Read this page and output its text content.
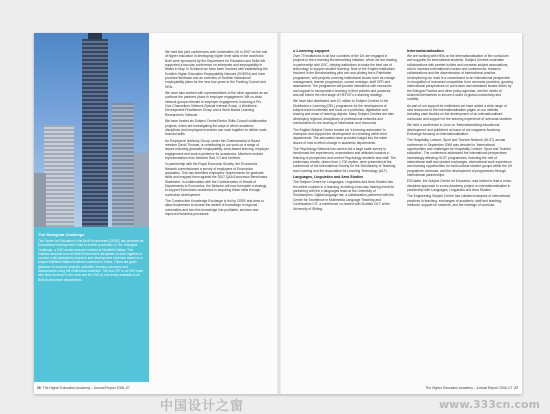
The Shanghai Challenge

The Centre for Education in the Built Environment (CEBE) has provided an Educational Development Grant to enable production of The Shanghai Challenge, a DVD media resource created at Sheffield Hallam. This enables students from all Built Environment disciplines to work together to conduct multi-disciplinary research and development schemes based on a project Sheffield Hallam students undertook in China. Tutors are given guidance to structure projects, activities, learning outcomes and assessments using the multimedia materials. The two CETLs at SHU have also been involved in the work and the DVD is now freely available to all Built Environment departments.

We held two joint conferences with Universities UK in 2007 on the role of higher education in developing higher level skills in the workforce. Both were sponsored by the Department for Education and Skills.We supported a two-day conference on enterprise and employability in Wales in May. In Scotland we have been involved with establishing the Scottish Higher Education Employability Network (SHEEN) and have provided feedback and an overview of Scottish institutional employability plans for the new four years to the Funding Council and HEIs.

We have also worked with representatives of the other agencies as we continue the partners' place in employer engagement. We co-chair network groups relevant to employer engagement, including a Pro Vice-Chancellors' Network Special Interest Group, a Workforce Development Practitioner Group and a Work-Based Learning Researchers' Network.

We have funded six Subject Centre/Sector Skills Council collaborative projects, which are investigating the ways in which academic disciplines and employment sectors can work together to deliver work-focused skills.

An Employers' Advisory Group, under the Chairmanship of Board member David Thomas, is contributing to our work on a range of issues including graduate employability, work-based learning, employer engagement and work experience for academics. Members include representatives from Network Rail, ICI and Unilever.

In partnership with the Royal Economic Society, the Economics Network commissioned a survey of employers of Economics graduates. This has identified employers' requirements for graduate skills and mapped them against the 2007 QAA Economics Benchmark Statement. In collaboration with the Confederation of Heads of Departments in Economics, the Network will now formulate a strategy to support Economics academics in acquiring these skills through curriculum development.

The Construction Knowledge Exchange is led by CEBE and aims to allow businesses to access the wealth of knowledge in regional universities and turn this knowledge into profitable, services and improved business processes.

26 The Higher Education Academy – Annual Report 2006–07
e-Learning support

Over 70 institutions in all four countries of the UK are engaged in projects in the e-learning Benchmarking Initiative, which we are leading in partnership with JISC, helping institutions to make the best use of technology to support student learning. Nine of the English institutions involved in the Benchmarking pilot are now piloting the e-Pathfinder programme, with projects covering institutional issues such as change management, learner progression, course redesign, staff CPD and assessment. The programme will provide institutions with resources and support to incorporate e-learning in their policies and practices, and will inform the next stage of HEFCE's e-learning strategy.

We have also distributed over £1 million to Subject Centres in the Distributed e-Learning (DEL) programme for the development of subject-based materials and tools on e-portfolios, digitisation and sharing and reuse of learning objects. Many Subject Centres are also developing regional, disciplinary or professional networks and mechanisms for the sharing of information and resources.

The English Subject Centre funded six 'e-learning advocates' to champion and support the development of e-learning within their departments. The advocates have provided insight into the wider issues of how to effect change in academic departments.

The Psychology Network has carried out a large scale survey to benchmark the experiences, expectations and attitudes towards e-learning of prospective and current Psychology students and staff. The preliminary results, drawn from 1,700 replies, were presented at the conference of the International Society for the Scholarship of Teaching and Learning and the Association for Learning Technology (ALT).

Languages, Linguistics and Area Studies

The Subject Centre for Languages, Linguistics and Area Studies has ten online courses in e-learning, including a two-day training event for partnering with the e-languages team at the University of Southampton. Digital language lab, a collaboration partnered with the Centre for Excellence in Multimedia Language Teaching and Continuation CIT, a conference co-hosted with Scottish CILT at the University of Stirling.

Internationalisation

We are working with HEIs on the internationalisation of the curriculum and supports for international students. Subject Centres undertake collaborations with partner bodies and overseas subject associations, and to increase international courses and conferences, research collaborations and the dissemination of international practice. Underpinning our work is a commitment to an international perspective in recognition of increased competition from overseas providers, growing international perspectives on curriculum and standards issues driven by the Bologna Process and other policy agendas, and the needs of students themselves to secure a world of global connectivity and mobility.

As part of our support for institutions we have added a wide range of new resources to the internationalisation pages on our website, including case studies on the development of an internationalised curriculum and support for the learning experience of overseas students.

We held a conference in June on 'Internationalising educational development' and published an issue of our magazine Academy Exchange focusing on internationalisation.

The Hospitality, Leisure, Sport and Tourism Network (HLST) annual conference in September 2006 was devoted to 'International opportunities and challenges for Hospitality, Leisure, Sport and Tourism education'. The conference addressed the international perspectives increasingly affecting HLST programmes, including the role of international staff and student exchanges, international work experience and learning opportunities for multi-cultural student groups within the UK programme overseas, and the development of programmes through international partnerships.

ESCalate, the Subject Centre for Education, was invited to lead a cross-discipline approach to a new Academy project on internationalisation in partnership with Languages, Linguistics and Area Studies.

The Engineering Subject Centre has collated examples of international practices in teaching, exchanges of academic, staff and teaching methods, support for students, and the redesign of curricula.

The Higher Education Academy – Annual Report 2006–07 27
中国设计之窗	www.333cn.com
